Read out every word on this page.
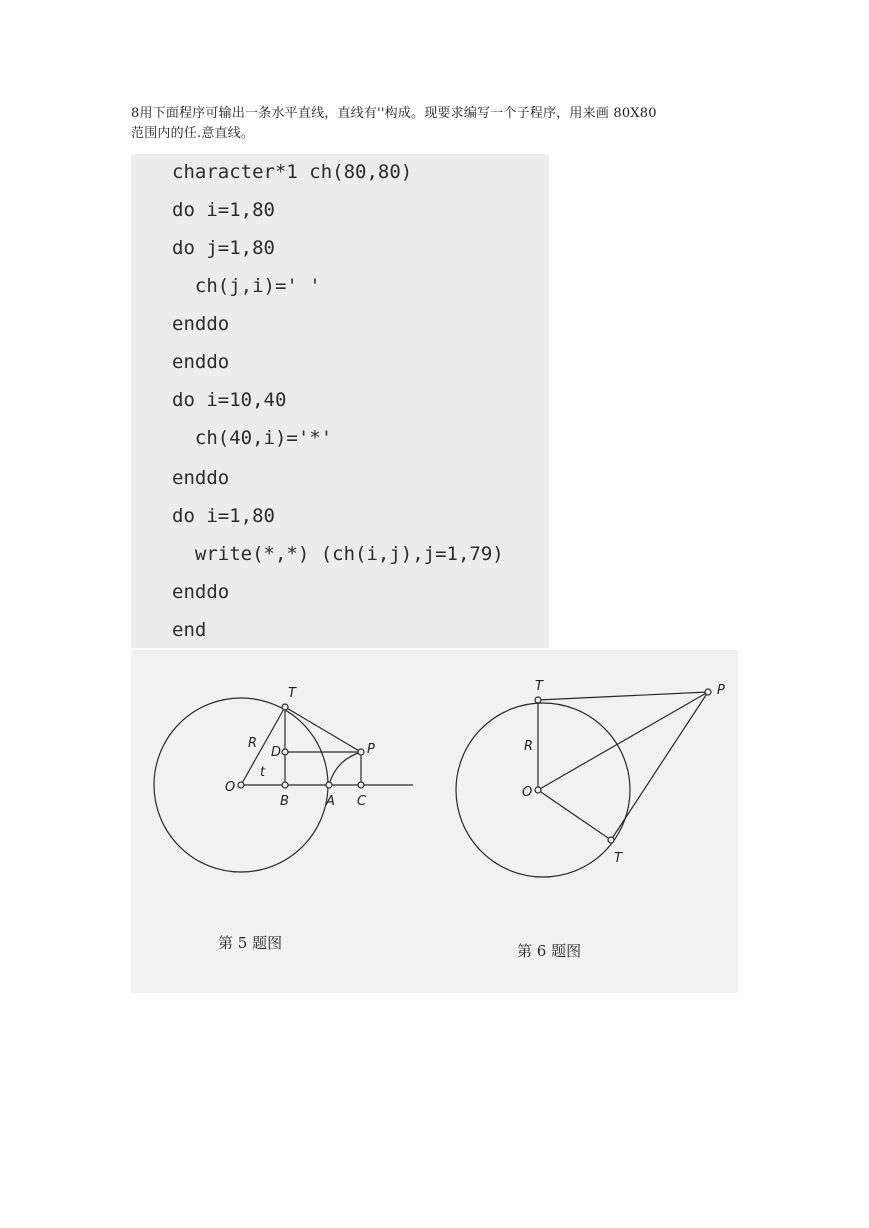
8用下面程序可输出一条水平直线，直线有''构成。现要求编写一个子程序，用来画 80X80
范围内的任.意直线。
character*1 ch(80,80)
do i=1,80
do j=1,80
ch(j,i)=' '
enddo
enddo
do i=10,40
ch(40,i)='*'
enddo
do i=1,80
write(*,*) (ch(i,j),j=1,79)
enddo
end
T
R
D	P
O
t
B	A C
T	P
R
O
T
第 5 题图	第 6 题图
